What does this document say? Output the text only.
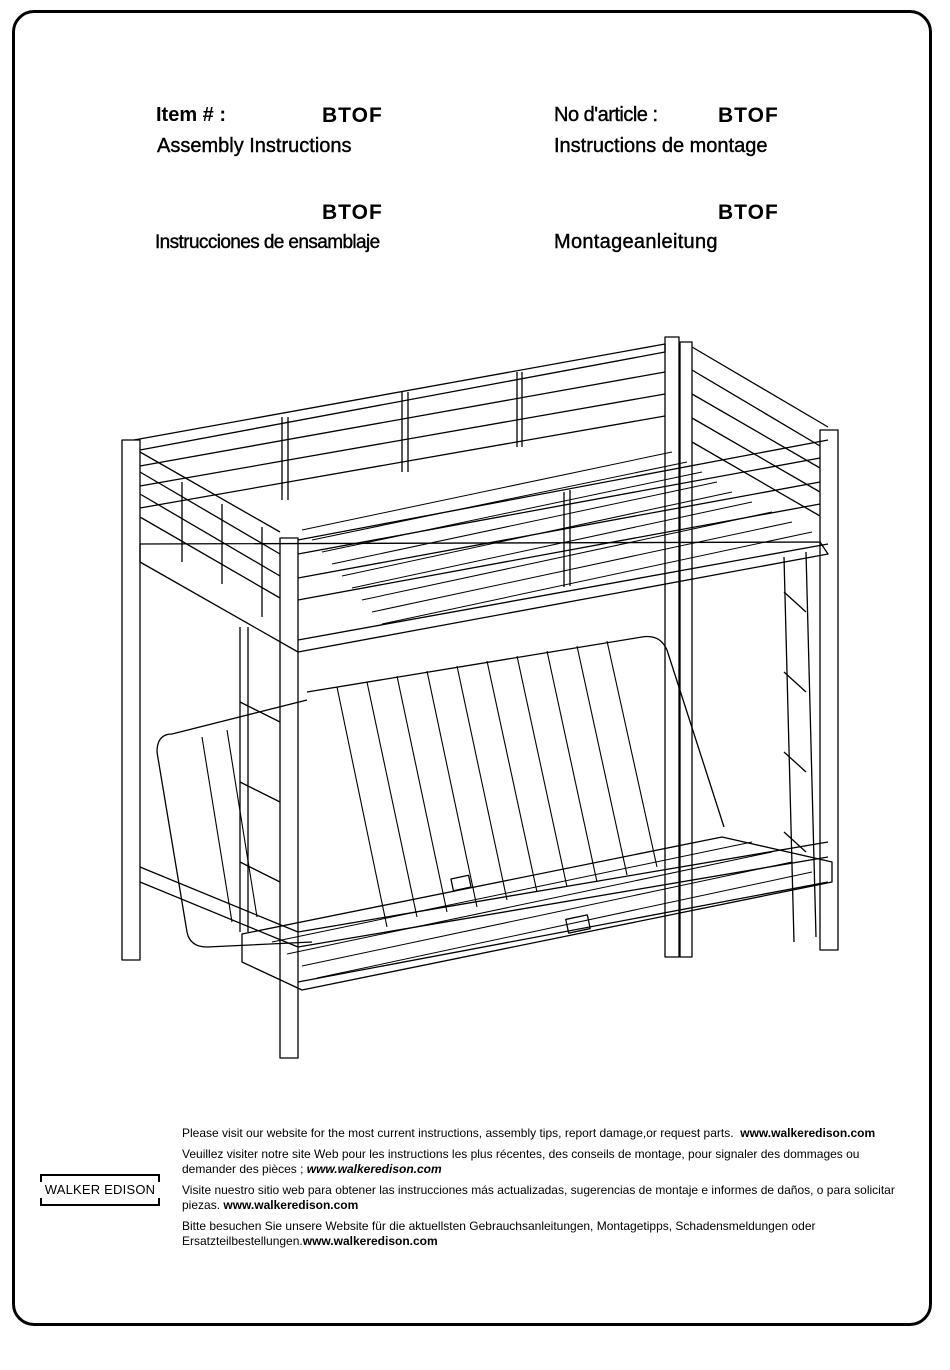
Item # :	BTOF
Assembly Instructions
No d'article :	BTOF
Instructions de montage
BTOF
Instrucciones de ensamblaje
BTOF
Montageanleitung
WALKER EDISON

Please visit our website for the most current instructions, assembly tips, report damage,or request parts. www.walkeredison.com

Veuillez visiter notre site Web pour les instructions les plus récentes, des conseils de montage, pour signaler des dommages ou demander des pièces ; www.walkeredison.com

Visite nuestro sitio web para obtener las instrucciones más actualizadas, sugerencias de montaje e informes de daños, o para solicitar piezas. www.walkeredison.com

Bitte besuchen Sie unsere Website für die aktuellsten Gebrauchsanleitungen, Montagetipps, Schadensmeldungen oder Ersatzteilbestellungen.www.walkeredison.com
